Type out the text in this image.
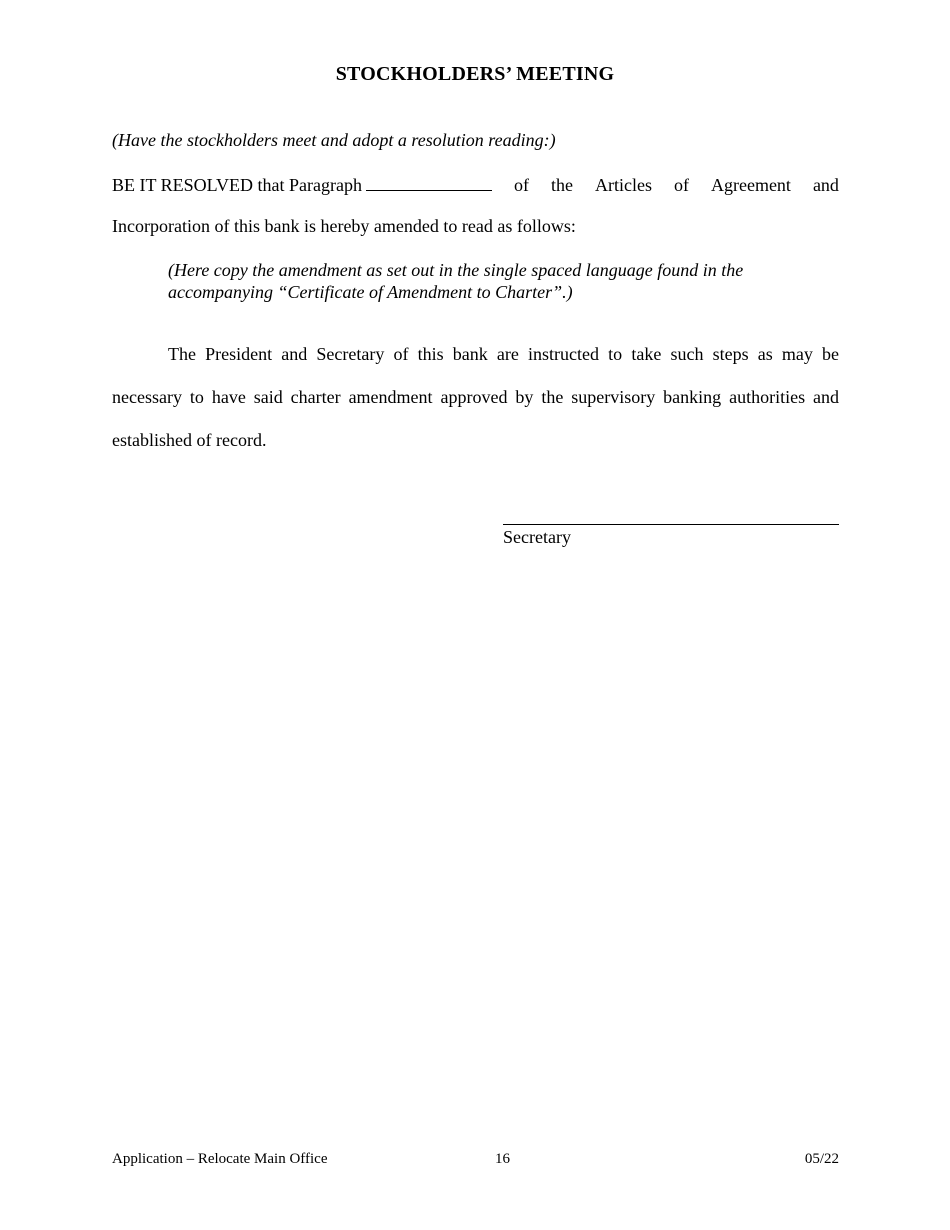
STOCKHOLDERS’ MEETING
(Have the stockholders meet and adopt a resolution reading:)
BE IT RESOLVED that Paragraph	of the Articles of Agreement and
Incorporation of this bank is hereby amended to read as follows:
(Here copy the amendment as set out in the single spaced language found in the accompanying “Certificate of Amendment to Charter”.)
The President and Secretary of this bank are instructed to take such steps as may be necessary to have said charter amendment approved by the supervisory banking authorities and established of record.
Secretary
Application – Relocate Main Office	16	05/22
